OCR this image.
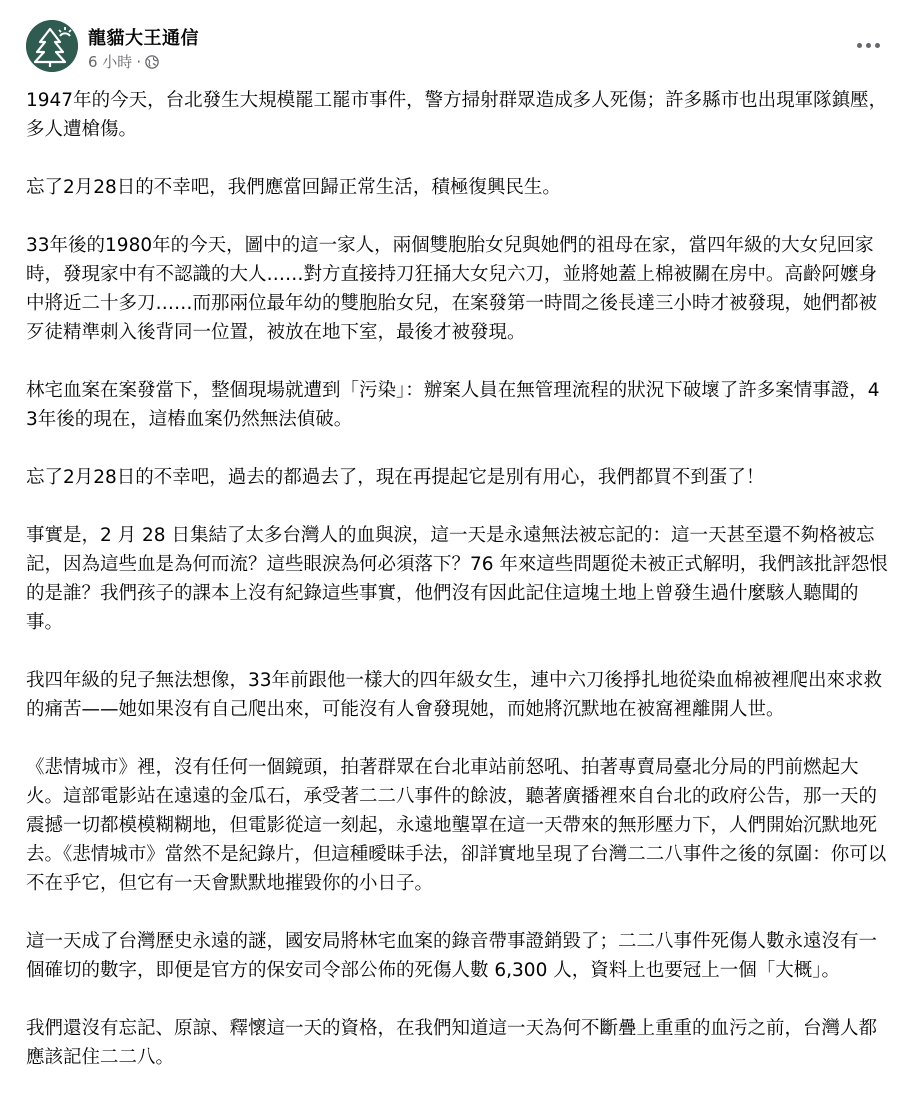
龍貓大王通信
6 小時 ·

1947年的今天，台北發生大規模罷工罷市事件，警方掃射群眾造成多人死傷；許多縣市也出現軍隊鎮壓，多人遭槍傷。

忘了2月28日的不幸吧，我們應當回歸正常生活，積極復興民生。

33年後的1980年的今天，圖中的這一家人，兩個雙胞胎女兒與她們的祖母在家，當四年級的大女兒回家時，發現家中有不認識的大人……對方直接持刀狂捅大女兒六刀，並將她蓋上棉被關在房中。高齡阿嬤身中將近二十多刀……而那兩位最年幼的雙胞胎女兒，在案發第一時間之後長達三小時才被發現，她們都被歹徒精準刺入後背同一位置，被放在地下室，最後才被發現。

林宅血案在案發當下，整個現場就遭到「污染」：辦案人員在無管理流程的狀況下破壞了許多案情事證，43年後的現在，這樁血案仍然無法偵破。

忘了2月28日的不幸吧，過去的都過去了，現在再提起它是別有用心，我們都買不到蛋了！

事實是，2 月 28 日集結了太多台灣人的血與淚，這一天是永遠無法被忘記的：這一天甚至還不夠格被忘記，因為這些血是為何而流？這些眼淚為何必須落下？76 年來這些問題從未被正式解明，我們該批評怨恨的是誰？我們孩子的課本上沒有紀錄這些事實，他們沒有因此記住這塊土地上曾發生過什麼駭人聽聞的事。

我四年級的兒子無法想像，33年前跟他一樣大的四年級女生，連中六刀後掙扎地從染血棉被裡爬出來求救的痛苦——她如果沒有自己爬出來，可能沒有人會發現她，而她將沉默地在被窩裡離開人世。

《悲情城市》裡，沒有任何一個鏡頭，拍著群眾在台北車站前怒吼、拍著專賣局臺北分局的門前燃起大火。這部電影站在遠遠的金瓜石，承受著二二八事件的餘波，聽著廣播裡來自台北的政府公告，那一天的震撼一切都模模糊糊地，但電影從這一刻起，永遠地壟罩在這一天帶來的無形壓力下，人們開始沉默地死去。《悲情城市》當然不是紀錄片，但這種曖昧手法，卻詳實地呈現了台灣二二八事件之後的氛圍：你可以不在乎它，但它有一天會默默地摧毀你的小日子。

這一天成了台灣歷史永遠的謎，國安局將林宅血案的錄音帶事證銷毀了；二二八事件死傷人數永遠沒有一個確切的數字，即便是官方的保安司令部公佈的死傷人數 6,300 人，資料上也要冠上一個「大概」。

我們還沒有忘記、原諒、釋懷這一天的資格，在我們知道這一天為何不斷疊上重重的血污之前，台灣人都應該記住二二八。
